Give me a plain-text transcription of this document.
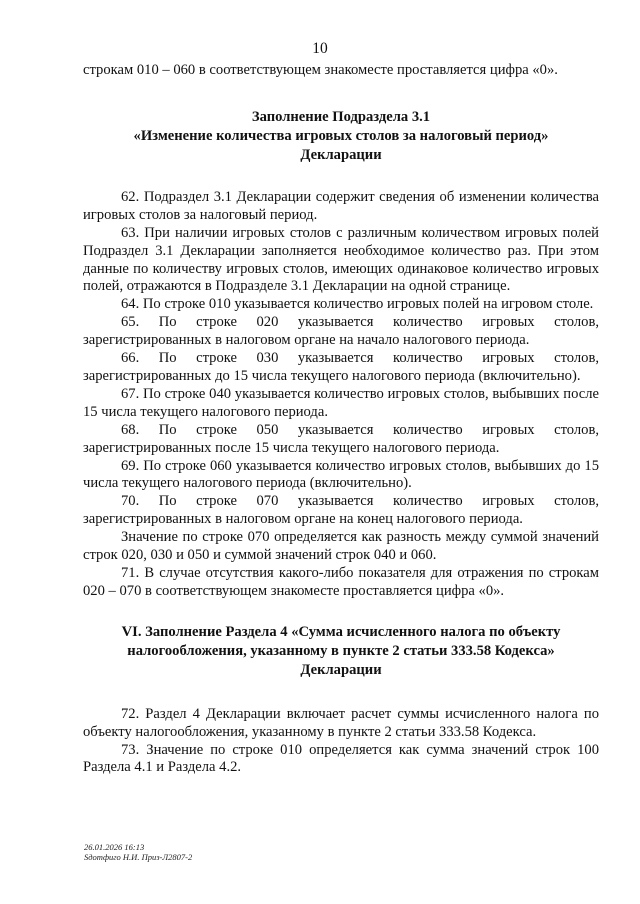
10

строкам 010 – 060 в соответствующем знакоместе проставляется цифра «0».

Заполнение Подраздела 3.1
«Изменение количества игровых столов за налоговый период»
Декларации

62. Подраздел 3.1 Декларации содержит сведения об изменении количества игровых столов за налоговый период.

63. При наличии игровых столов с различным количеством игровых полей Подраздел 3.1 Декларации заполняется необходимое количество раз. При этом данные по количеству игровых столов, имеющих одинаковое количество игровых полей, отражаются в Подразделе 3.1 Декларации на одной странице.

64. По строке 010 указывается количество игровых полей на игровом столе.

65. По строке 020 указывается количество игровых столов, зарегистрированных в налоговом органе на начало налогового периода.

66. По строке 030 указывается количество игровых столов, зарегистрированных до 15 числа текущего налогового периода (включительно).

67. По строке 040 указывается количество игровых столов, выбывших после 15 числа текущего налогового периода.

68. По строке 050 указывается количество игровых столов, зарегистрированных после 15 числа текущего налогового периода.

69. По строке 060 указывается количество игровых столов, выбывших до 15 числа текущего налогового периода (включительно).

70. По строке 070 указывается количество игровых столов, зарегистрированных в налоговом органе на конец налогового периода.

Значение по строке 070 определяется как разность между суммой значений строк 020, 030 и 050 и суммой значений строк 040 и 060.

71. В случае отсутствия какого-либо показателя для отражения по строкам 020 – 070 в соответствующем знакоместе проставляется цифра «0».

VI. Заполнение Раздела 4 «Сумма исчисленного налога по объекту
налогообложения, указанному в пункте 2 статьи 333.58 Кодекса»
Декларации

72. Раздел 4 Декларации включает расчет суммы исчисленного налога по объекту налогообложения, указанному в пункте 2 статьи 333.58 Кодекса.

73. Значение по строке 010 определяется как сумма значений строк 100 Раздела 4.1 и Раздела 4.2.

26.01.2026 16:13
Ѕдотфиго Н.И. Приз-Л2807-2
